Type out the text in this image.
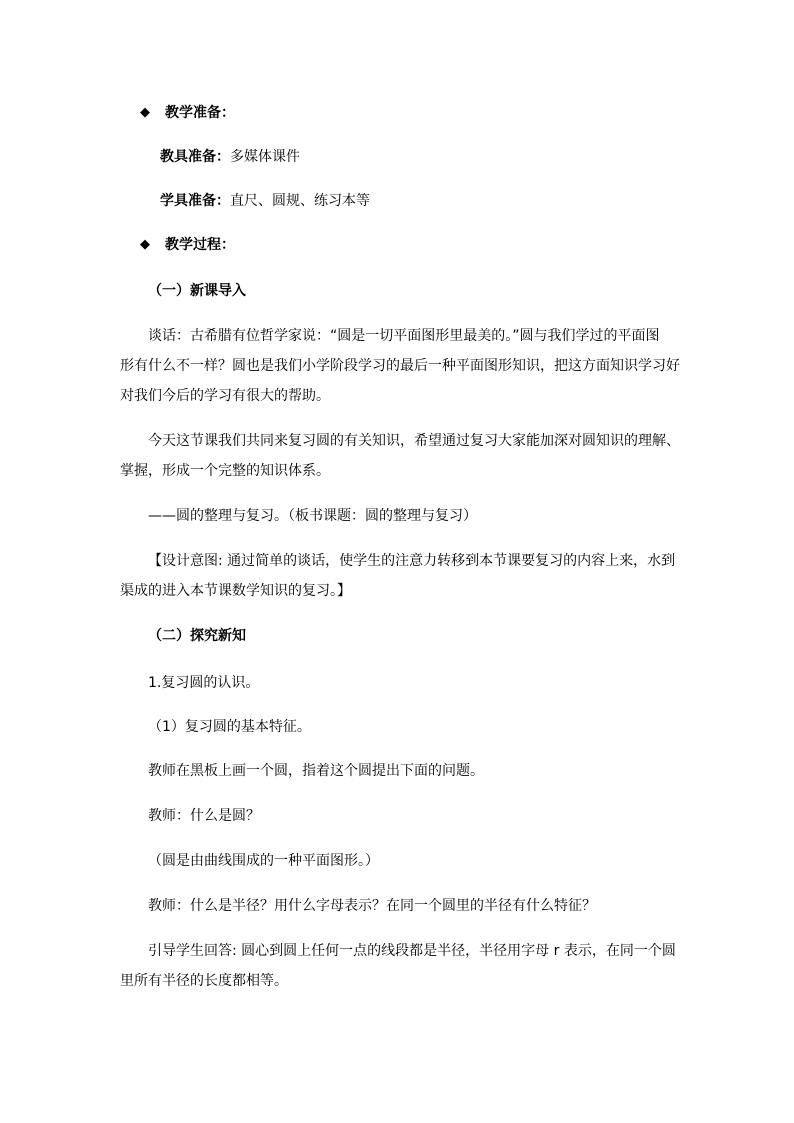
◆ 教学准备：
教具准备：多媒体课件
学具准备：直尺、圆规、练习本等
◆ 教学过程：
（一）新课导入
谈话：古希腊有位哲学家说：“圆是一切平面图形里最美的。”圆与我们学过的平面图
形有什么不一样？圆也是我们小学阶段学习的最后一种平面图形知识，把这方面知识学习好
对我们今后的学习有很大的帮助。
今天这节课我们共同来复习圆的有关知识，希望通过复习大家能加深对圆知识的理解、
掌握，形成一个完整的知识体系。
——圆的整理与复习。（板书课题：圆的整理与复习）
【设计意图: 通过简单的谈话，使学生的注意力转移到本节课要复习的内容上来，水到
渠成的进入本节课数学知识的复习。】
（二）探究新知
1.复习圆的认识。
（1）复习圆的基本特征。
教师在黑板上画一个圆，指着这个圆提出下面的问题。
教师：什么是圆？
（圆是由曲线围成的一种平面图形。）
教师：什么是半径？用什么字母表示？在同一个圆里的半径有什么特征？
引导学生回答: 圆心到圆上任何一点的线段都是半径，半径用字母 r 表示，在同一个圆
里所有半径的长度都相等。
